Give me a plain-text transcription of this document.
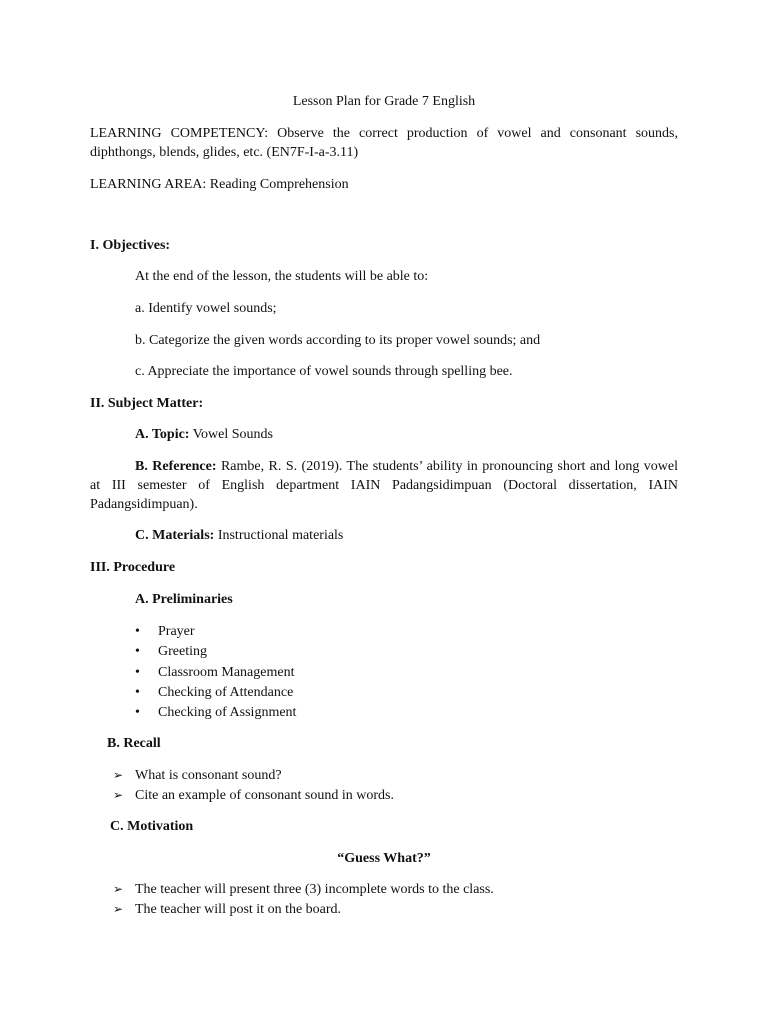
Lesson Plan for Grade 7 English
LEARNING COMPETENCY: Observe the correct production of vowel and consonant sounds, diphthongs, blends, glides, etc. (EN7F-I-a-3.11)
LEARNING AREA: Reading Comprehension
I. Objectives:
At the end of the lesson, the students will be able to:
a. Identify vowel sounds;
b. Categorize the given words according to its proper vowel sounds; and
c. Appreciate the importance of vowel sounds through spelling bee.
II. Subject Matter:
A. Topic: Vowel Sounds
B. Reference: Rambe, R. S. (2019). The students’ ability in pronouncing short and long vowel at III semester of English department IAIN Padangsidimpuan (Doctoral dissertation, IAIN Padangsidimpuan).
C. Materials: Instructional materials
III. Procedure
A. Preliminaries
• Prayer
• Greeting
• Classroom Management
• Checking of Attendance
• Checking of Assignment
B. Recall
➢ What is consonant sound?
➢ Cite an example of consonant sound in words.
C. Motivation
“Guess What?”
➢ The teacher will present three (3) incomplete words to the class.
➢ The teacher will post it on the board.
